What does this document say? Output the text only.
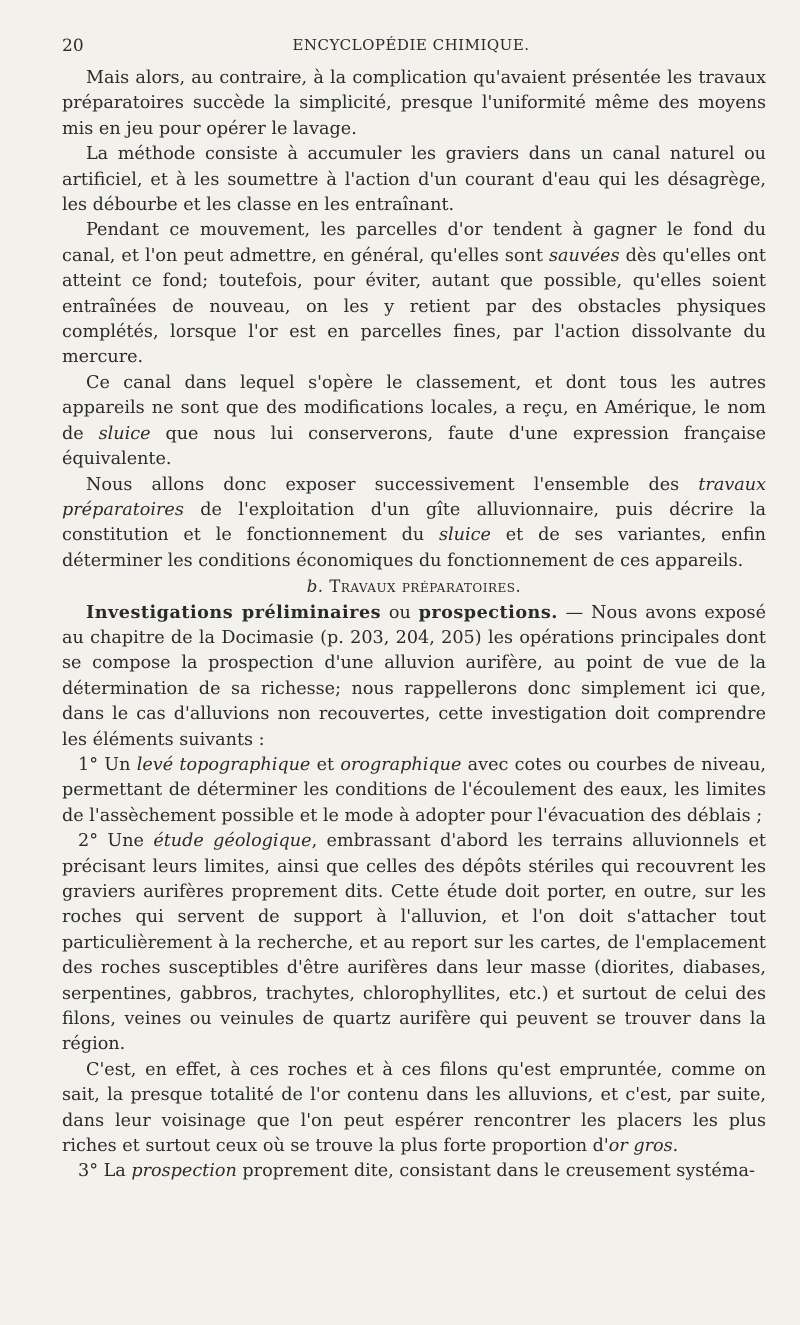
20	ENCYCLOPÉDIE CHIMIQUE.

Mais alors, au contraire, à la complication qu'avaient présentée les travaux préparatoires succède la simplicité, presque l'uniformité même des moyens mis en jeu pour opérer le lavage.

La méthode consiste à accumuler les graviers dans un canal naturel ou artificiel, et à les soumettre à l'action d'un courant d'eau qui les désagrège, les débourbe et les classe en les entraînant.

Pendant ce mouvement, les parcelles d'or tendent à gagner le fond du canal, et l'on peut admettre, en général, qu'elles sont sauvées dès qu'elles ont atteint ce fond; toutefois, pour éviter, autant que possible, qu'elles soient entraînées de nouveau, on les y retient par des obstacles physiques complétés, lorsque l'or est en parcelles fines, par l'action dissolvante du mercure.

Ce canal dans lequel s'opère le classement, et dont tous les autres appareils ne sont que des modifications locales, a reçu, en Amérique, le nom de sluice que nous lui conserverons, faute d'une expression française équivalente.

Nous allons donc exposer successivement l'ensemble des travaux préparatoires de l'exploitation d'un gîte alluvionnaire, puis décrire la constitution et le fonctionnement du sluice et de ses variantes, enfin déterminer les conditions économiques du fonctionnement de ces appareils.

b. Travaux préparatoires.

Investigations préliminaires ou prospections. — Nous avons exposé au chapitre de la Docimasie (p. 203, 204, 205) les opérations principales dont se compose la prospection d'une alluvion aurifère, au point de vue de la détermination de sa richesse; nous rappellerons donc simplement ici que, dans le cas d'alluvions non recouvertes, cette investigation doit comprendre les éléments suivants :

1° Un levé topographique et orographique avec cotes ou courbes de niveau, permettant de déterminer les conditions de l'écoulement des eaux, les limites de l'assèchement possible et le mode à adopter pour l'évacuation des déblais ;

2° Une étude géologique, embrassant d'abord les terrains alluvionnels et précisant leurs limites, ainsi que celles des dépôts stériles qui recouvrent les graviers aurifères proprement dits. Cette étude doit porter, en outre, sur les roches qui servent de support à l'alluvion, et l'on doit s'attacher tout particulièrement à la recherche, et au report sur les cartes, de l'emplacement des roches susceptibles d'être aurifères dans leur masse (diorites, diabases, serpentines, gabbros, trachytes, chlorophyllites, etc.) et surtout de celui des filons, veines ou veinules de quartz aurifère qui peuvent se trouver dans la région.

C'est, en effet, à ces roches et à ces filons qu'est empruntée, comme on sait, la presque totalité de l'or contenu dans les alluvions, et c'est, par suite, dans leur voisinage que l'on peut espérer rencontrer les placers les plus riches et surtout ceux où se trouve la plus forte proportion d'or gros.

3° La prospection proprement dite, consistant dans le creusement systéma-
